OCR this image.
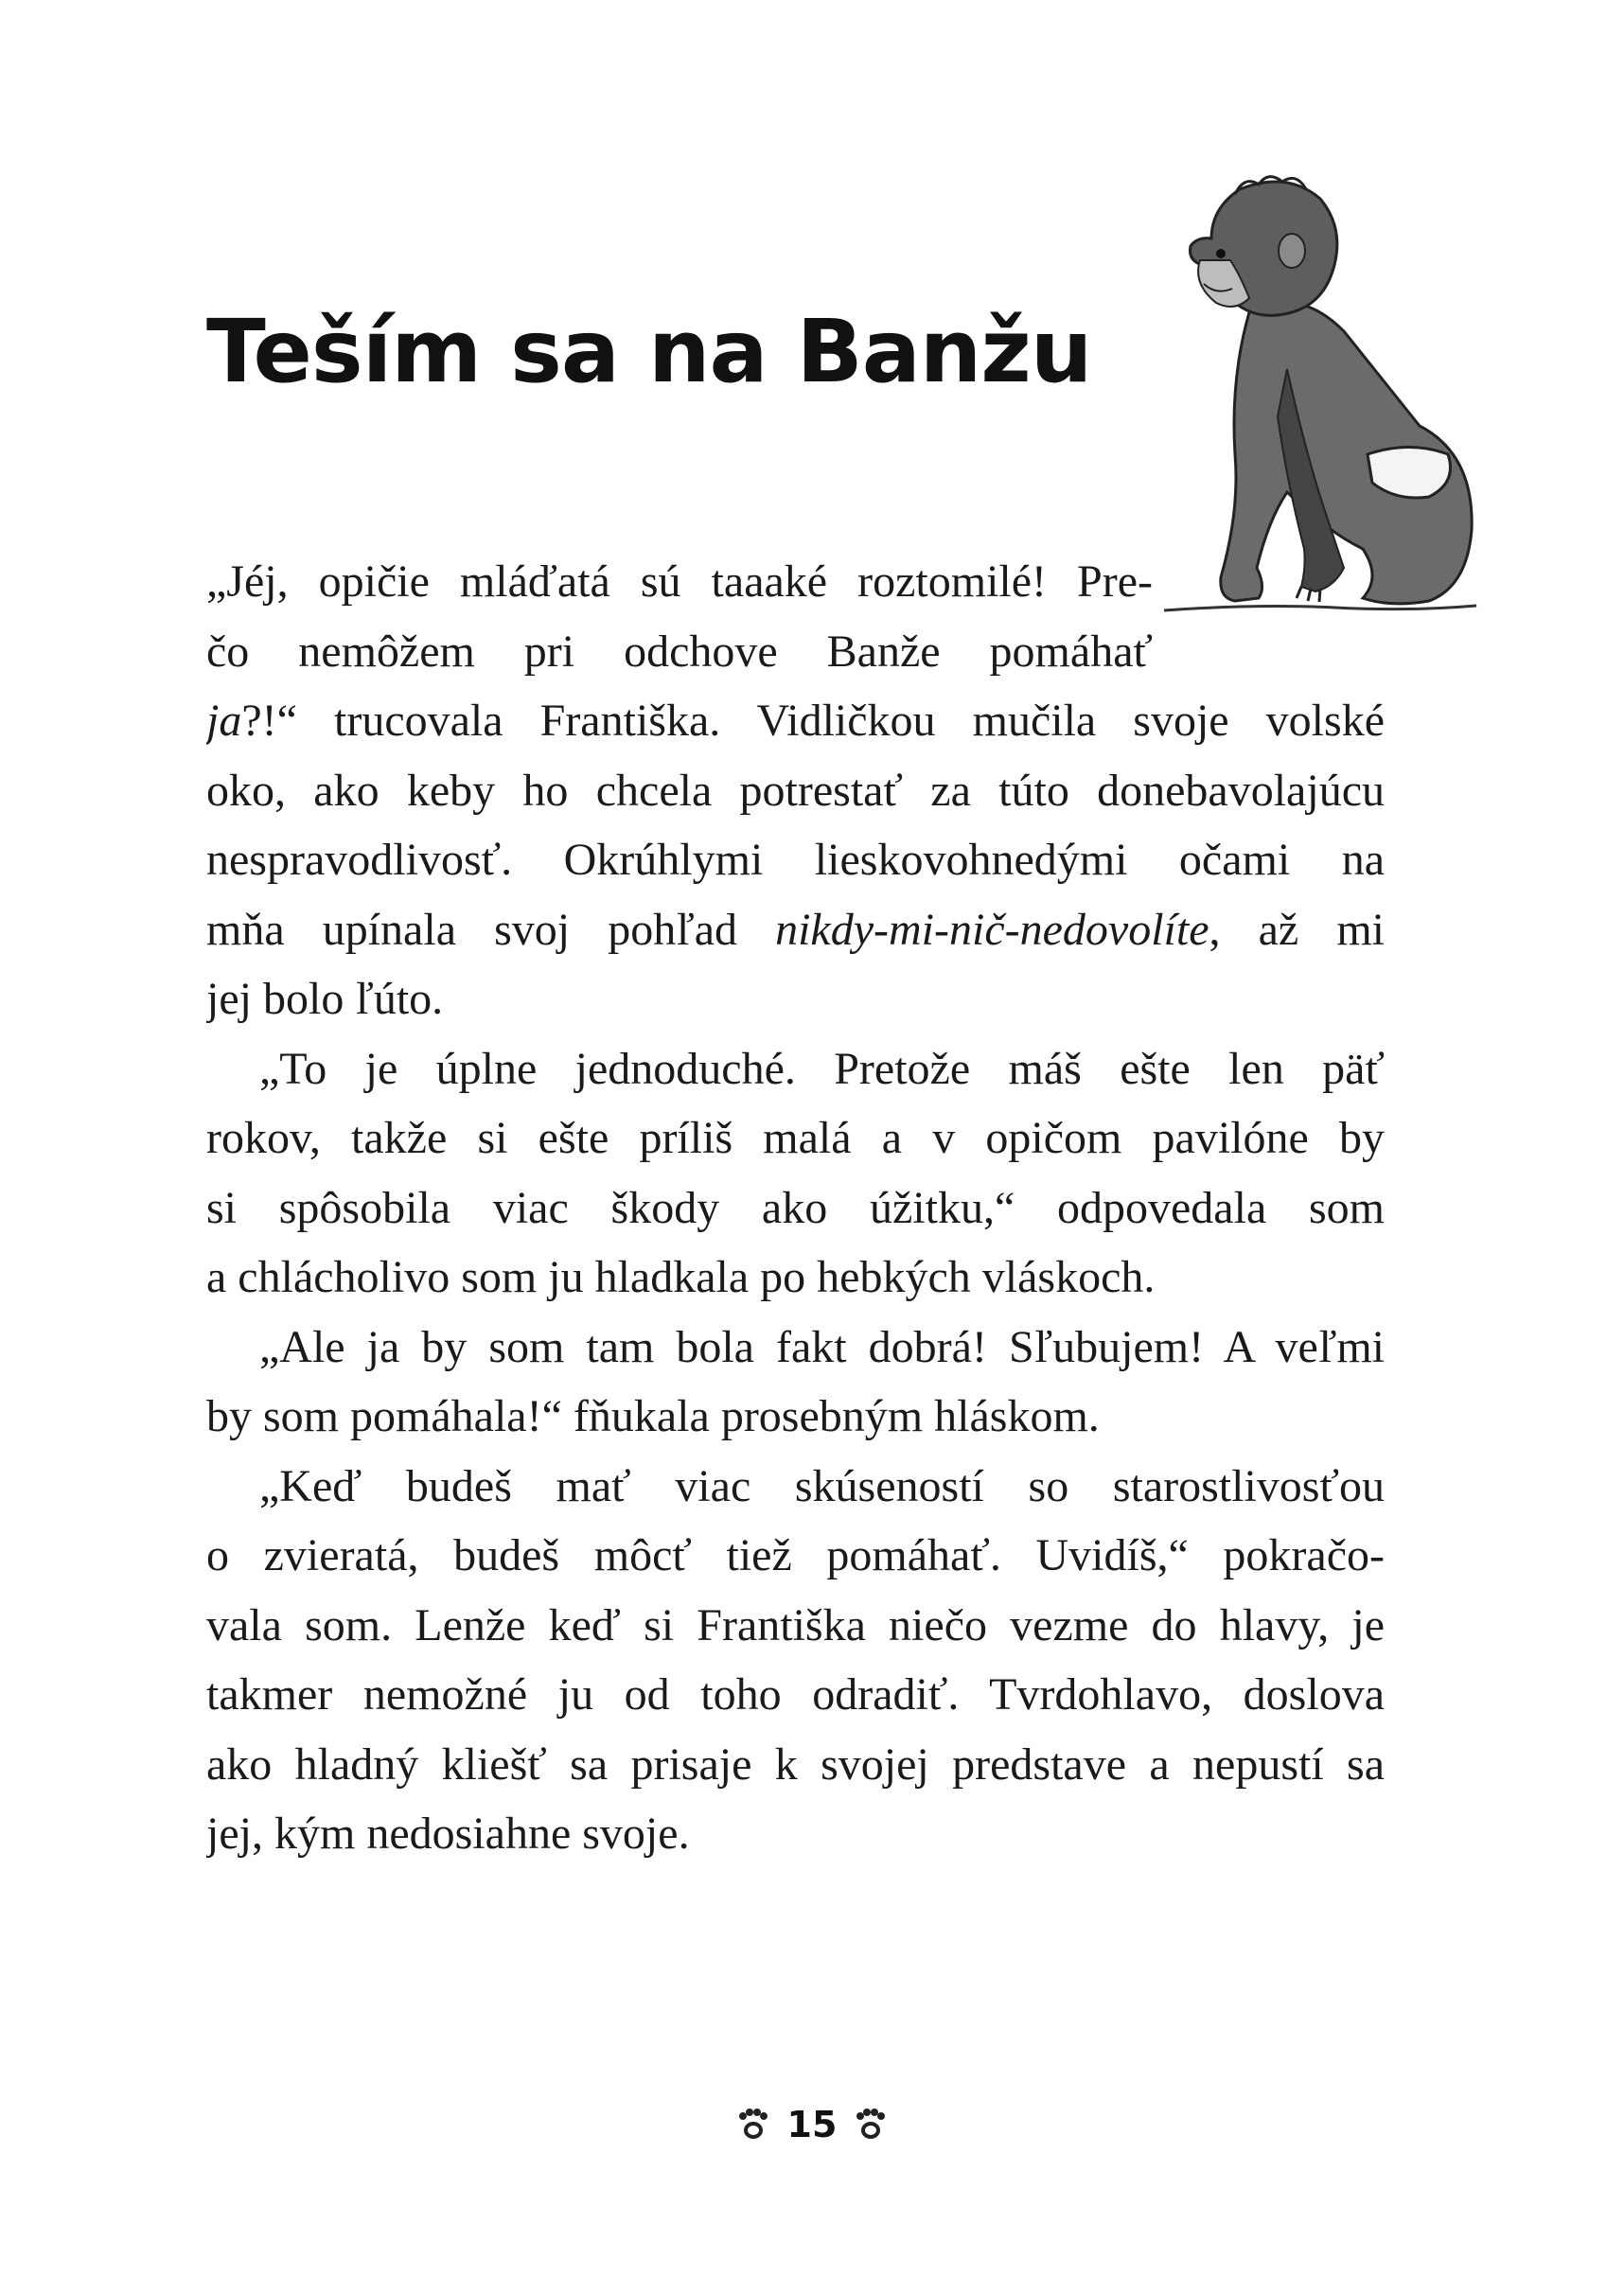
Teším sa na Banžu
„Jéj, opičie mláďatá sú taaaké roztomilé! Pre-
čo nemôžem pri odchove Banže pomáhať
ja?!“ trucovala Františka. Vidličkou mučila svoje volské
oko, ako keby ho chcela potrestať za túto donebavolajúcu
nespravodlivosť. Okrúhlymi lieskovohnedými očami na
mňa upínala svoj pohľad nikdy-mi-nič-nedovolíte, až mi
jej bolo ľúto.
„To je úplne jednoduché. Pretože máš ešte len päť
rokov, takže si ešte príliš malá a v opičom pavilóne by
si spôsobila viac škody ako úžitku,“ odpovedala som
a chlácholivo som ju hladkala po hebkých vláskoch.
„Ale ja by som tam bola fakt dobrá! Sľubujem! A veľmi
by som pomáhala!“ fňukala prosebným hláskom.
„Keď budeš mať viac skúseností so starostlivosťou
o zvieratá, budeš môcť tiež pomáhať. Uvidíš,“ pokračo-
vala som. Lenže keď si Františka niečo vezme do hlavy, je
takmer nemožné ju od toho odradiť. Tvrdohlavo, doslova
ako hladný kliešť sa prisaje k svojej predstave a nepustí sa
jej, kým nedosiahne svoje.
15
